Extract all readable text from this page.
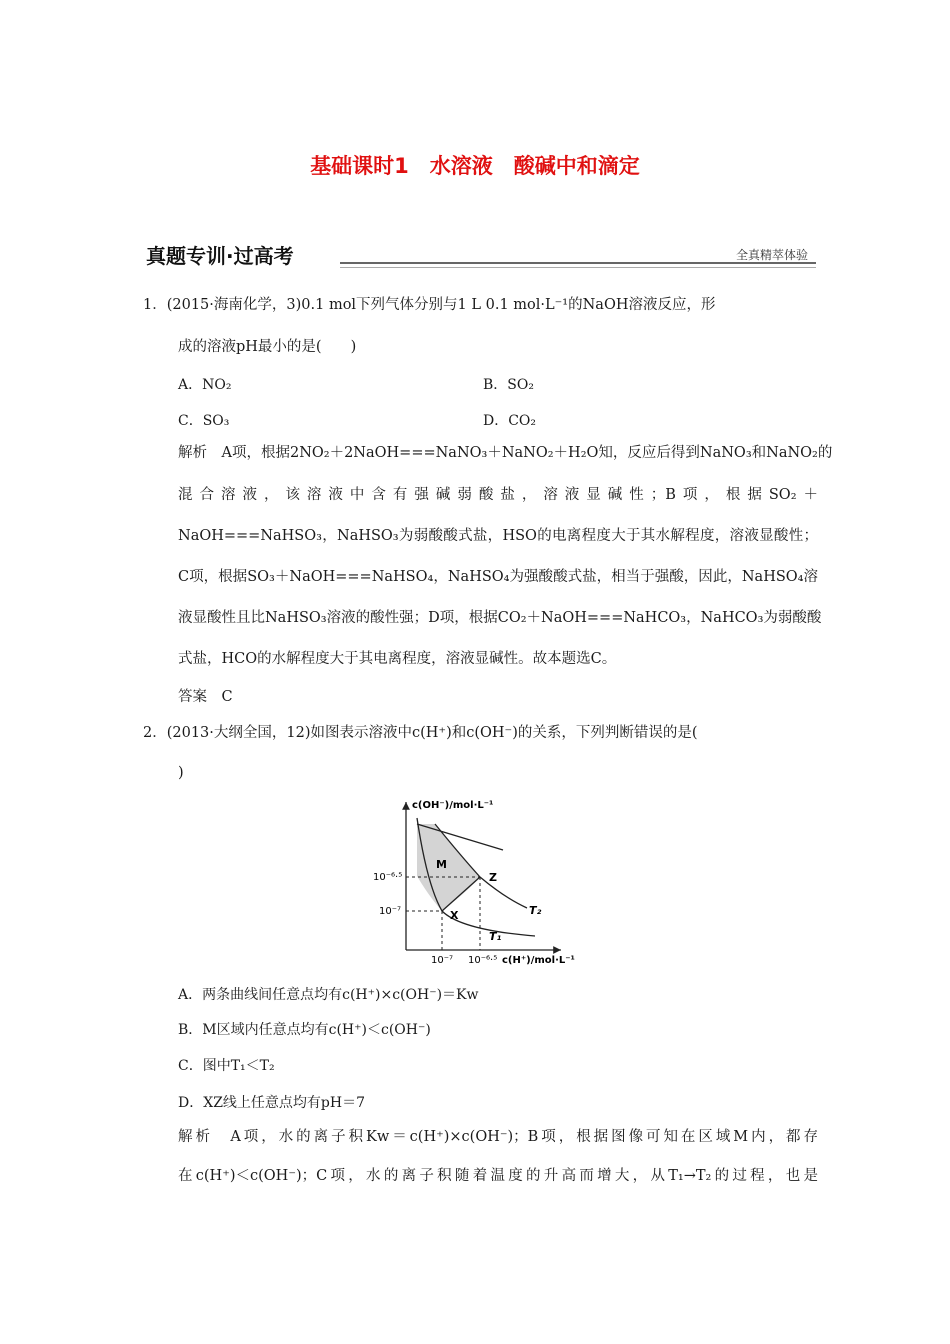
基础课时1　水溶液　酸碱中和滴定
真题专训·过高考	全真精萃体验
1．(2015·海南化学，3)0.1 mol下列气体分别与1 L 0.1 mol·L⁻¹的NaOH溶液反应，形
成的溶液pH最小的是(　　)
A．NO₂	B．SO₂
C．SO₃	D．CO₂
解析　A项，根据2NO₂＋2NaOH===NaNO₃＋NaNO₂＋H₂O知，反应后得到NaNO₃和NaNO₂的
混合溶液，该溶液中含有强碱弱酸盐，溶液显碱性；B项，根据SO₂＋
NaOH===NaHSO₃，NaHSO₃为弱酸酸式盐，HSO的电离程度大于其水解程度，溶液显酸性；
C项，根据SO₃＋NaOH===NaHSO₄，NaHSO₄为强酸酸式盐，相当于强酸，因此，NaHSO₄溶
液显酸性且比NaHSO₃溶液的酸性强；D项，根据CO₂＋NaOH===NaHCO₃，NaHCO₃为弱酸酸
式盐，HCO的水解程度大于其电离程度，溶液显碱性。故本题选C。
答案　C
2．(2013·大纲全国，12)如图表示溶液中c(H⁺)和c(OH⁻)的关系，下列判断错误的是(
)
c(OH⁻)/mol·L⁻¹
c(H⁺)/mol·L⁻¹
10⁻⁶·⁵
10⁻⁷
10⁻⁷ 10⁻⁶·⁵
M
X
Z
T₁
T₂
A．两条曲线间任意点均有c(H⁺)×c(OH⁻)＝Kw
B．M区域内任意点均有c(H⁺)＜c(OH⁻)
C．图中T₁＜T₂
D．XZ线上任意点均有pH＝7
解析　A项，水的离子积Kw＝c(H⁺)×c(OH⁻)；B项，根据图像可知在区域M内，都存
在c(H⁺)＜c(OH⁻)；C项，水的离子积随着温度的升高而增大，从T₁→T₂的过程，也是
